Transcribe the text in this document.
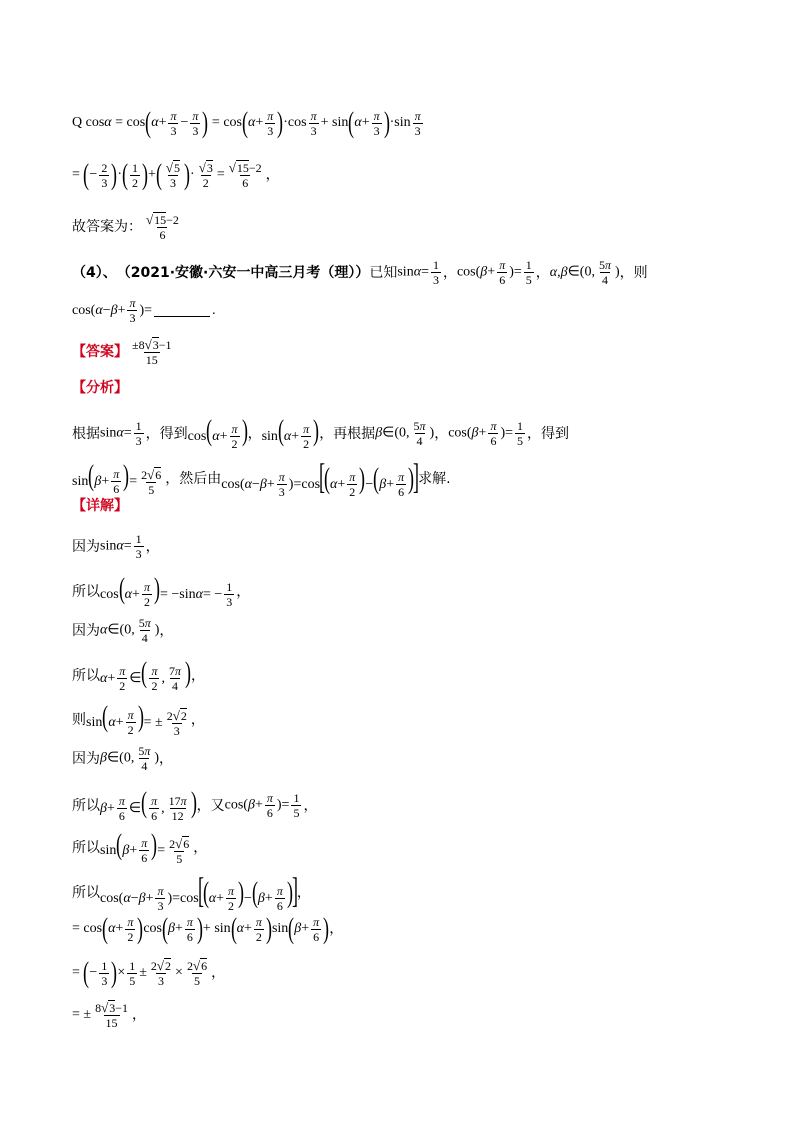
Q cos α = cos ( $\alpha + \frac{\pi}{3} - \frac{\pi}{3}$ ) = cos ( $\alpha + \frac{\pi}{3}$ ) $\cdot\cos \frac{\pi}{3} + \sin$ ( $\alpha + \frac{\pi}{3}$ ) $\cdot\sin \frac{\pi}{3}$
= ( − $\frac{2}{3}$ ) · ( $\frac{1}{2}$ ) + ( $\frac{√ 5}{3}$ ) · $\frac{√ 3}{2} = \frac{√ 15 -2}{6}$ ，
故答案为： $\frac{√ 15 -2}{6}$
（4）、 （2021·安徽·六安一中高三月考（理）） 已知 $\sin\alpha= \frac{1}{3}$ ， $\cos(\beta+ \frac{\pi}{6}$ )= $\frac{1}{5}$ ， α , β ∈(0, $\frac{5\pi}{4}$ ) ，则
cos( $\alpha - \beta + \frac{\pi}{3}$ )=	.
【答案】 $\frac{\pm 8 √ 3 -1}{15}$
【分析】
根据 $\sin\alpha= \frac{1}{3}$ ，得到 $\cos(\alpha+ \frac{\pi}{2}$ ) ， $\sin(\alpha+ \frac{\pi}{2}$ ) ，再根据 β∈(0, $\frac{5\pi}{4}$ ) ， $\cos(\beta+ \frac{\pi}{6}$ )= $\frac{1}{5}$ ，得到
$\sin(\beta+ \frac{\pi}{6}$ )= $\frac{2 √ 6}{5}$ ，然后由 $\cos(\alpha-\beta+ \frac{\pi}{3} )=\cos[(\alpha+ \frac{\pi}{2} )-(\beta+ \frac{\pi}{6}$ )] 求解.
【详解】
因为 $\sin\alpha= \frac{1}{3}$ ，
所以 $\cos(\alpha+ \frac{\pi}{2}$ )= $-\sin\alpha= - \frac{1}{3}$ ，
因为 α∈(0, $\frac{5\pi}{4}$ ) ，
所以 $\alpha+ \frac{\pi}{2}$ ∈( $\frac{\pi}{2}$ , $\frac{7\pi}{4}$ ) ，
则 $\sin(\alpha+ \frac{\pi}{2}$ )= ± $\frac{2 √ 2}{3}$ ，
因为 β∈(0, $\frac{5\pi}{4}$ ) ，
所以 $\beta+ \frac{\pi}{6}$ ∈( $\frac{\pi}{6}$ , $\frac{17\pi}{12}$ ) ，又 $\cos(\beta+ \frac{\pi}{6}$ )= $\frac{1}{5}$ ，
所以 $\sin(\beta+ \frac{\pi}{6}$ )= $\frac{2 √ 6}{5}$ ，
所以 $\cos(\alpha-\beta+ \frac{\pi}{3} )=\cos[(\alpha+ \frac{\pi}{2} )-(\beta+ \frac{\pi}{6}$ )] ，
= cos ( $\alpha + \frac{\pi}{2}$ ) cos ( $\beta + \frac{\pi}{6}$ ) + sin ( $\alpha + \frac{\pi}{2}$ ) sin ( $\beta + \frac{\pi}{6}$ ) ，
= ( − $\frac{1}{3}$ ) × $\frac{1}{5} \pm \frac{2 √ 2}{3} \times \frac{2 √ 6}{5}$ ，
= ± $\frac{8 √ 3 -1}{15}$ ，
